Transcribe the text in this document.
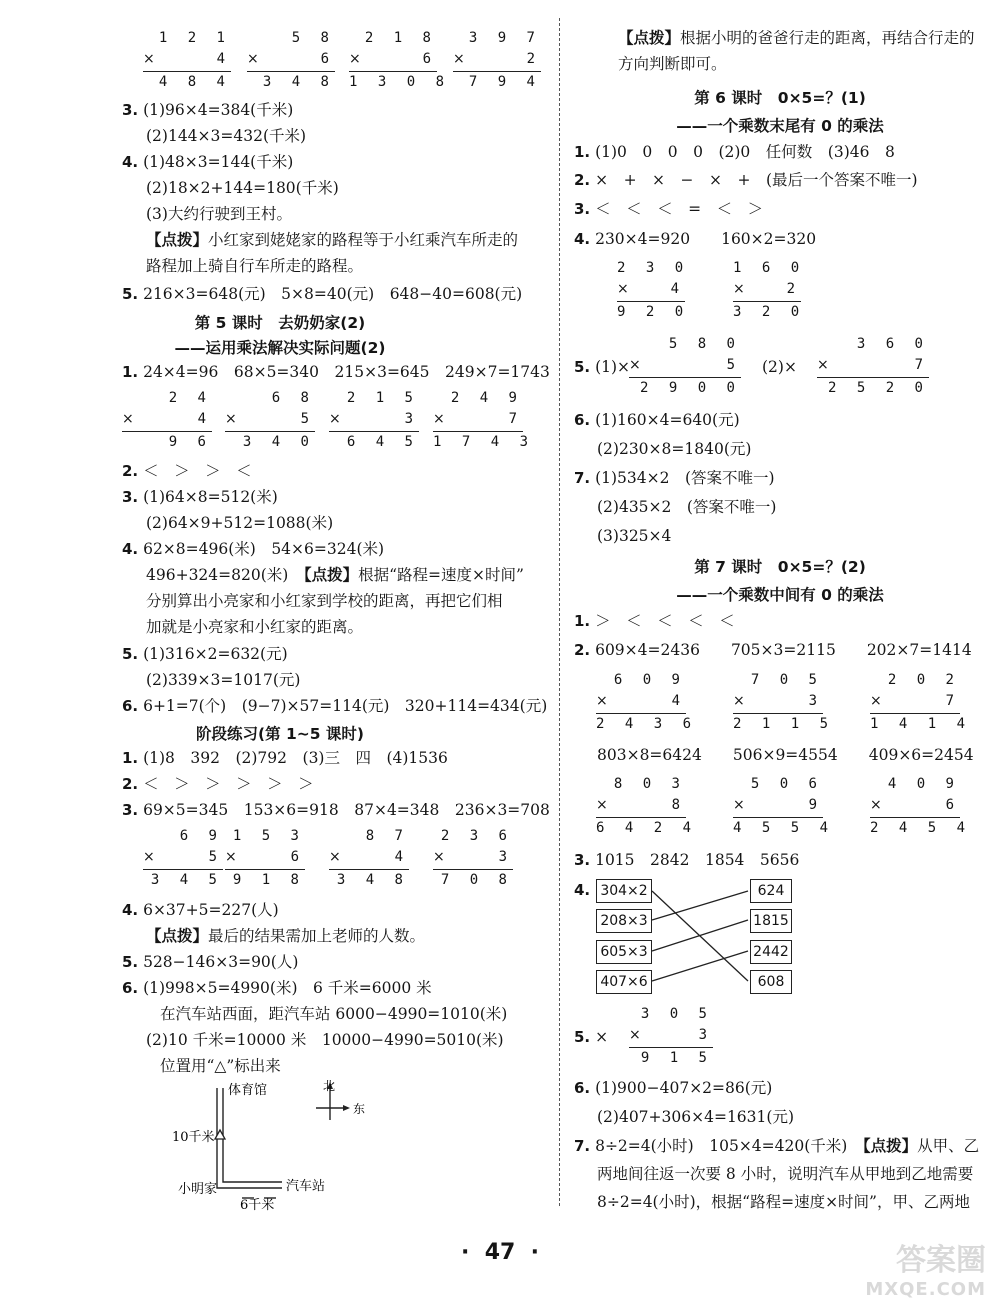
1 2 1
×	4
4 8 4
5 8
×	6
3 4 8
2 1 8
×	6
1 3 0 8
3 9 7
×	2
7 9 4
3. (1)96×4=384(千米)
(2)144×3=432(千米)
4. (1)48×3=144(千米)
(2)18×2+144=180(千米)
(3)大约行驶到王村。
【点拨】小红家到姥姥家的路程等于小红乘汽车所走的
路程加上骑自行车所走的路程。
5. 216×3=648(元)　5×8=40(元)　648−40=608(元)
第 5 课时　去奶奶家(2)
——运用乘法解决实际问题(2)
1. 24×4=96　68×5=340　215×3=645　249×7=1743
2 4
×	4
9 6
6 8
×	5
3 4 0
2 1 5
×	3
6 4 5
2 4 9
×	7
1 7 4 3
2. ＜　＞　＞　＜
3. (1)64×8=512(米)
(2)64×9+512=1088(米)
4. 62×8=496(米)　54×6=324(米)
496+324=820(米)　【点拨】根据“路程=速度×时间”
分别算出小亮家和小红家到学校的距离，再把它们相
加就是小亮家和小红家的距离。
5. (1)316×2=632(元)
(2)339×3=1017(元)
6. 6+1=7(个)　(9−7)×57=114(元)　320+114=434(元)
阶段练习(第 1~5 课时)
1. (1)8　392　(2)792　(3)三　四　(4)1536
2. ＜　＞　＞　＞　＞　＞
3. 69×5=345　153×6=918　87×4=348　236×3=708
6 9
×	5
3 4 5
1 5 3
×	6
9 1 8
8 7
×	4
3 4 8
2 3 6
×	3
7 0 8
4. 6×37+5=227(人)
【点拨】最后的结果需加上老师的人数。
5. 528−146×3=90(人)
6. (1)998×5=4990(米)　6 千米=6000 米
在汽车站西面，距汽车站 6000−4990=1010(米)
(2)10 千米=10000 米　10000−4990=5010(米)
位置用“△”标出来
体育馆	北
东
10千米
小明家	汽车站
6千米
【点拨】根据小明的爸爸行走的距离，再结合行走的
方向判断即可。
第 6 课时　0×5=？(1)
——一个乘数末尾有 0 的乘法
1. (1)0　0　0　0　(2)0　任何数　(3)46　8
2. ×　+　×　−　×　+　(最后一个答案不唯一)
3. ＜　＜　＜　=　＜　＞
4. 230×4=920　　160×2=320
2 3 0
×	4
9 2 0
1 6 0
×	2
3 2 0
5. (1)×	(2)×
5 8 0
×	5
2 9 0 0
3 6 0
×	7
2 5 2 0
6. (1)160×4=640(元)
(2)230×8=1840(元)
7. (1)534×2　(答案不唯一)
(2)435×2　(答案不唯一)
(3)325×4
第 7 课时　0×5=？(2)
——一个乘数中间有 0 的乘法
1. ＞　＜　＜　＜　＜
2. 609×4=2436　　705×3=2115　　202×7=1414
6 0 9
×	4
2 4 3 6
7 0 5
×	3
2 1 1 5
2 0 2
×	7
1 4 1 4
803×8=6424　　506×9=4554　　409×6=2454
8 0 3
×	8
6 4 2 4
5 0 6
×	9
4 5 5 4
4 0 9
×	6
2 4 5 4
3. 1015　2842　1854　5656
4. 304×2
208×3
605×3
407×6
624
1815
2442
608
5. ×
3 0 5
×	3
9 1 5
6. (1)900−407×2=86(元)
(2)407+306×4=1631(元)
7. 8÷2=4(小时)　105×4=420(千米)　【点拨】从甲、乙
两地间往返一次要 8 小时，说明汽车从甲地到乙地需要
8÷2=4(小时)，根据“路程=速度×时间”，甲、乙两地
· 47 ·	答案圈
MXQE.COM
